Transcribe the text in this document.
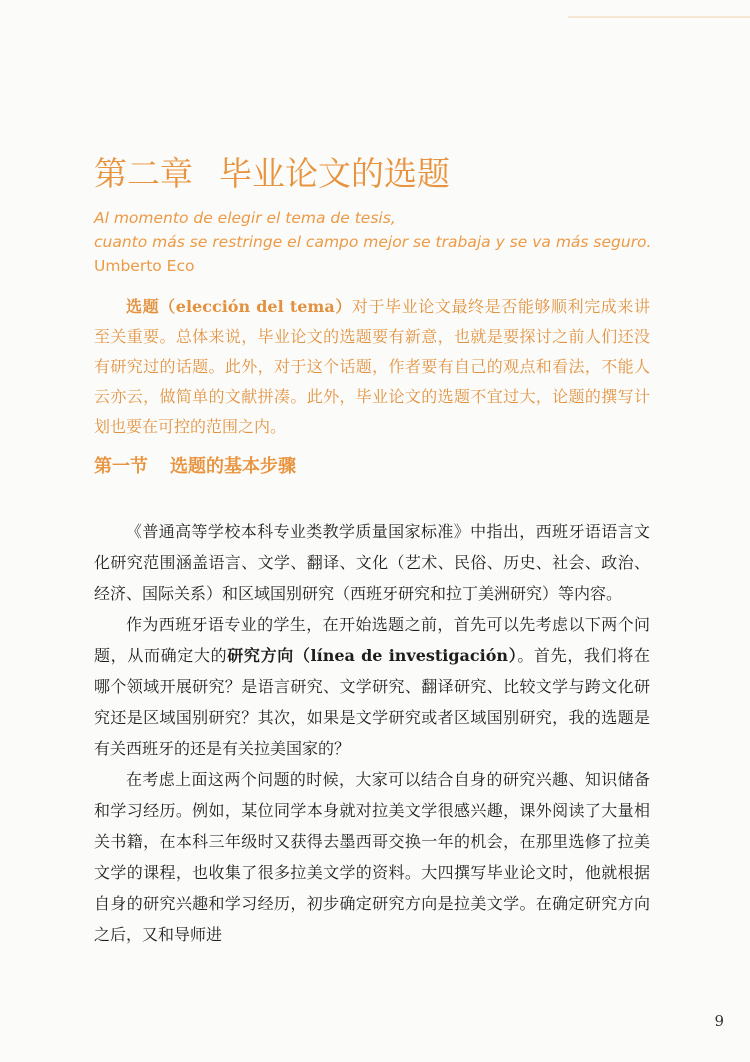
第二章 毕业论文的选题
Al momento de elegir el tema de tesis,
cuanto más se restringe el campo mejor se trabaja y se va más seguro.
Umberto Eco

选题（elección del tema）对于毕业论文最终是否能够顺利完成来讲至关重要。总体来说，毕业论文的选题要有新意，也就是要探讨之前人们还没有研究过的话题。此外，对于这个话题，作者要有自己的观点和看法，不能人云亦云，做简单的文献拼凑。此外，毕业论文的选题不宜过大，论题的撰写计划也要在可控的范围之内。

第一节 选题的基本步骤

《普通高等学校本科专业类教学质量国家标准》中指出，西班牙语语言文化研究范围涵盖语言、文学、翻译、文化（艺术、民俗、历史、社会、政治、经济、国际关系）和区域国别研究（西班牙研究和拉丁美洲研究）等内容。

作为西班牙语专业的学生，在开始选题之前，首先可以先考虑以下两个问题，从而确定大的研究方向（línea de investigación）。首先，我们将在哪个领域开展研究？是语言研究、文学研究、翻译研究、比较文学与跨文化研究还是区域国别研究？其次，如果是文学研究或者区域国别研究，我的选题是有关西班牙的还是有关拉美国家的？

在考虑上面这两个问题的时候，大家可以结合自身的研究兴趣、知识储备和学习经历。例如，某位同学本身就对拉美文学很感兴趣，课外阅读了大量相关书籍，在本科三年级时又获得去墨西哥交换一年的机会，在那里选修了拉美文学的课程，也收集了很多拉美文学的资料。大四撰写毕业论文时，他就根据自身的研究兴趣和学习经历，初步确定研究方向是拉美文学。在确定研究方向之后，又和导师进

9
